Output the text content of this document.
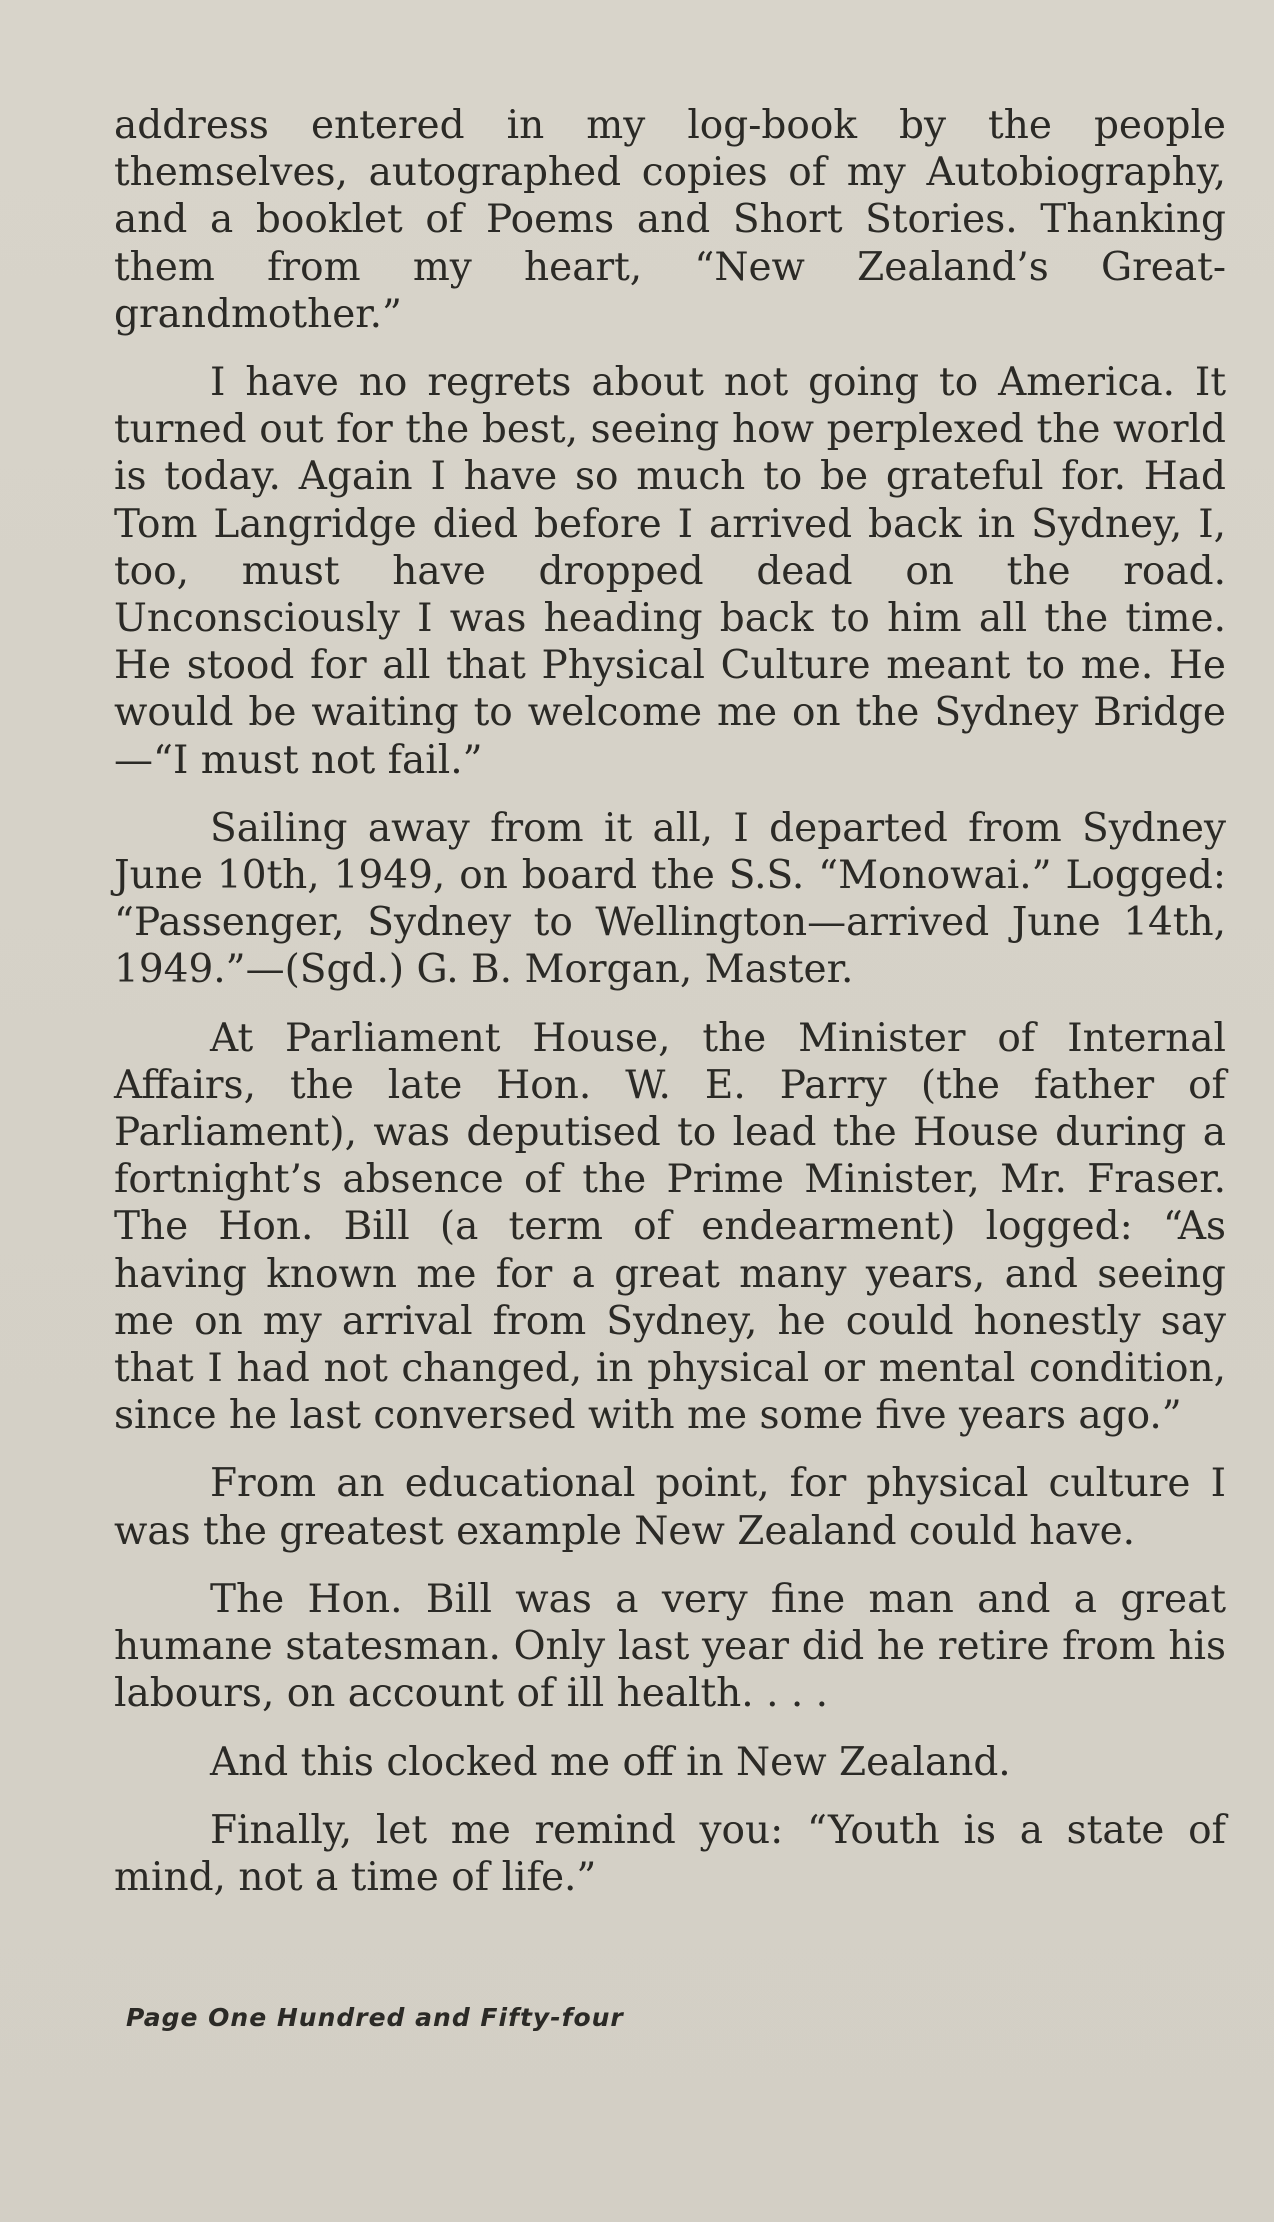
address entered in my log-book by the people themselves, autographed copies of my Autobiography, and a booklet of Poems and Short Stories. Thanking them from my heart, “New Zealand’s Great-grandmother.”

I have no regrets about not going to America. It turned out for the best, seeing how perplexed the world is today. Again I have so much to be grateful for. Had Tom Langridge died before I arrived back in Sydney, I, too, must have dropped dead on the road. Unconsciously I was heading back to him all the time. He stood for all that Physical Culture meant to me. He would be waiting to welcome me on the Sydney Bridge—“I must not fail.”

Sailing away from it all, I departed from Sydney June 10th, 1949, on board the S.S. “Monowai.” Logged: “Passenger, Sydney to Wellington—arrived June 14th, 1949.”—(Sgd.) G. B. Morgan, Master.

At Parliament House, the Minister of Internal Affairs, the late Hon. W. E. Parry (the father of Parliament), was deputised to lead the House during a fortnight’s absence of the Prime Minister, Mr. Fraser. The Hon. Bill (a term of endearment) logged: “As having known me for a great many years, and seeing me on my arrival from Sydney, he could honestly say that I had not changed, in physical or mental condition, since he last conversed with me some five years ago.”

From an educational point, for physical culture I was the greatest example New Zealand could have.

The Hon. Bill was a very fine man and a great humane statesman. Only last year did he retire from his labours, on account of ill health. . . .

And this clocked me off in New Zealand.

Finally, let me remind you: “Youth is a state of mind, not a time of life.”

Page One Hundred and Fifty-four
